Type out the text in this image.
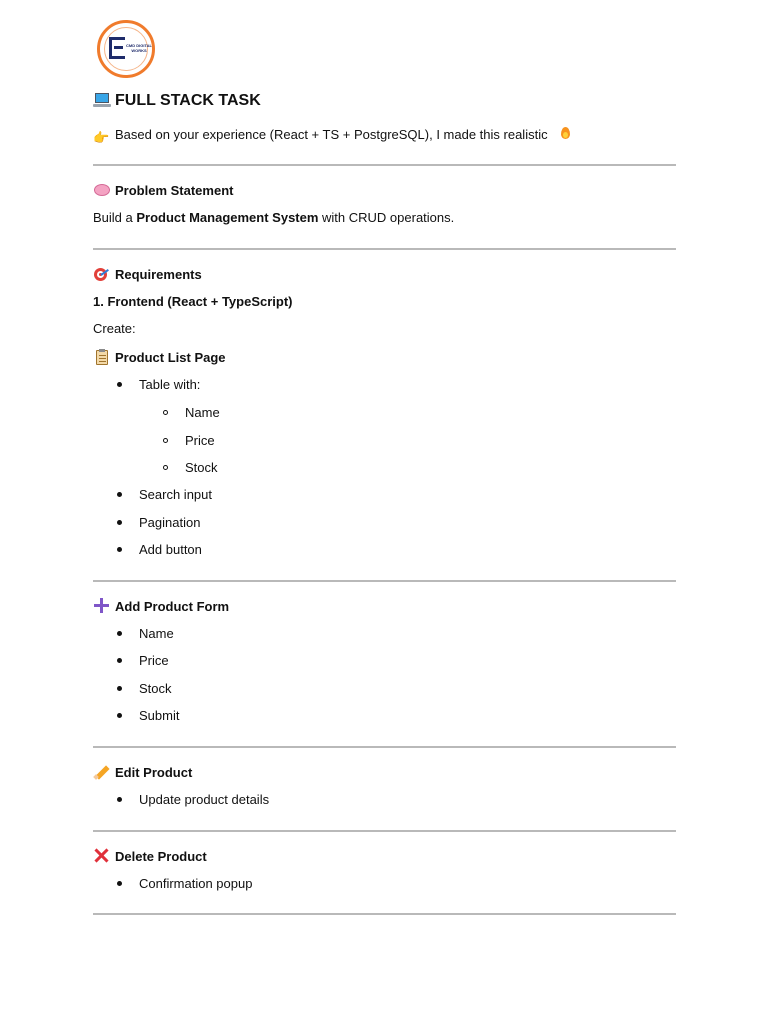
CMD DIGITAL WORKS
FULL STACK TASK
👉 Based on your experience (React + TS + PostgreSQL), I made this realistic
Problem Statement
Build a Product Management System with CRUD operations.
Requirements
1. Frontend (React + TypeScript)
Create:
Product List Page
Table with:
Name
Price
Stock
Search input
Pagination
Add button
Add Product Form
Name
Price
Stock
Submit
Edit Product
Update product details
Delete Product
Confirmation popup
